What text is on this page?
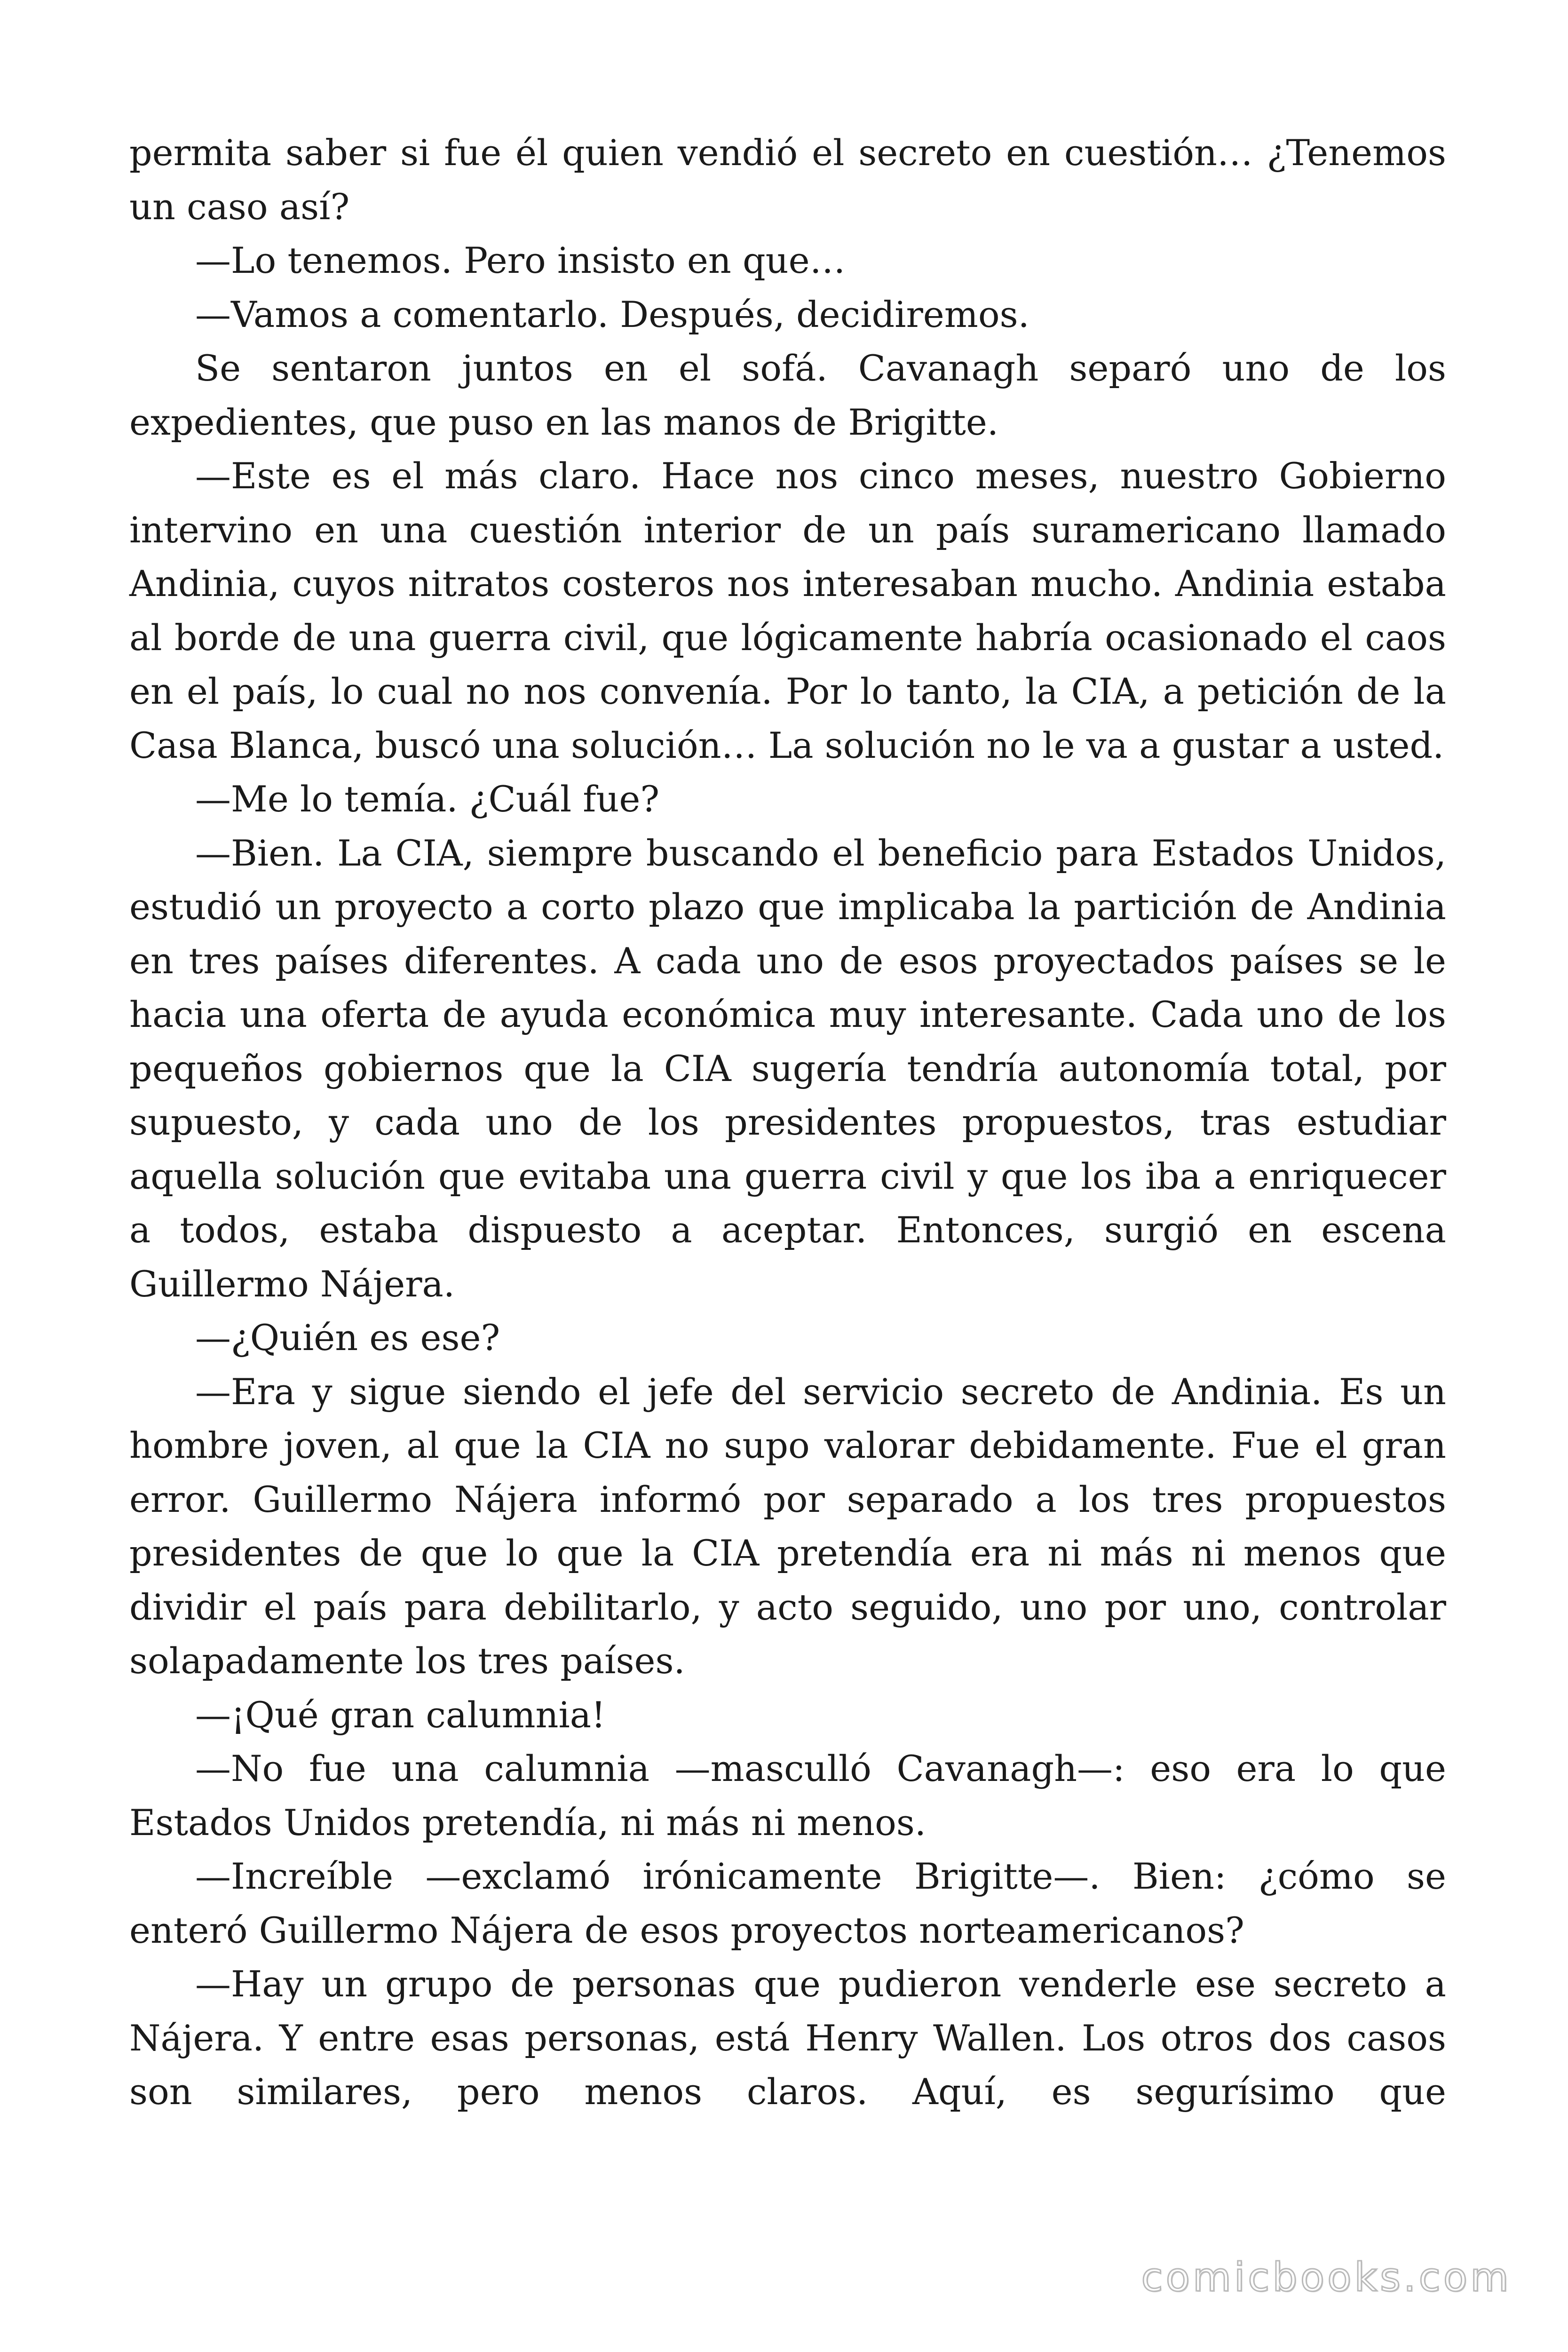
permita saber si fue él quien vendió el secreto en cuestión… ¿Tenemos un caso así?

—Lo tenemos. Pero insisto en que…

—Vamos a comentarlo. Después, decidiremos.

Se sentaron juntos en el sofá. Cavanagh separó uno de los expedientes, que puso en las manos de Brigitte.

—Este es el más claro. Hace nos cinco meses, nuestro Gobierno intervino en una cuestión interior de un país suramericano llamado Andinia, cuyos nitratos costeros nos interesaban mucho. Andinia estaba al borde de una guerra civil, que lógicamente habría ocasionado el caos en el país, lo cual no nos convenía. Por lo tanto, la CIA, a petición de la Casa Blanca, buscó una solución… La solución no le va a gustar a usted.

—Me lo temía. ¿Cuál fue?

—Bien. La CIA, siempre buscando el beneficio para Estados Unidos, estudió un proyecto a corto plazo que implicaba la partición de Andinia en tres países diferentes. A cada uno de esos proyectados países se le hacia una oferta de ayuda económica muy interesante. Cada uno de los pequeños gobiernos que la CIA sugería tendría autonomía total, por supuesto, y cada uno de los presidentes propuestos, tras estudiar aquella solución que evitaba una guerra civil y que los iba a enriquecer a todos, estaba dispuesto a aceptar. Entonces, surgió en escena Guillermo Nájera.

—¿Quién es ese?

—Era y sigue siendo el jefe del servicio secreto de Andinia. Es un hombre joven, al que la CIA no supo valorar debidamente. Fue el gran error. Guillermo Nájera informó por separado a los tres propuestos presidentes de que lo que la CIA pretendía era ni más ni menos que dividir el país para debilitarlo, y acto seguido, uno por uno, controlar solapadamente los tres países.

—¡Qué gran calumnia!

—No fue una calumnia —mascullό Cavanagh—: eso era lo que Estados Unidos pretendía, ni más ni menos.

—Increíble —exclamó irónicamente Brigitte—. Bien: ¿cómo se enteró Guillermo Nájera de esos proyectos norteamericanos?

—Hay un grupo de personas que pudieron venderle ese secreto a Nájera. Y entre esas personas, está Henry Wallen. Los otros dos casos son similares, pero menos claros. Aquí, es segurísimo que

comicbooks.com
